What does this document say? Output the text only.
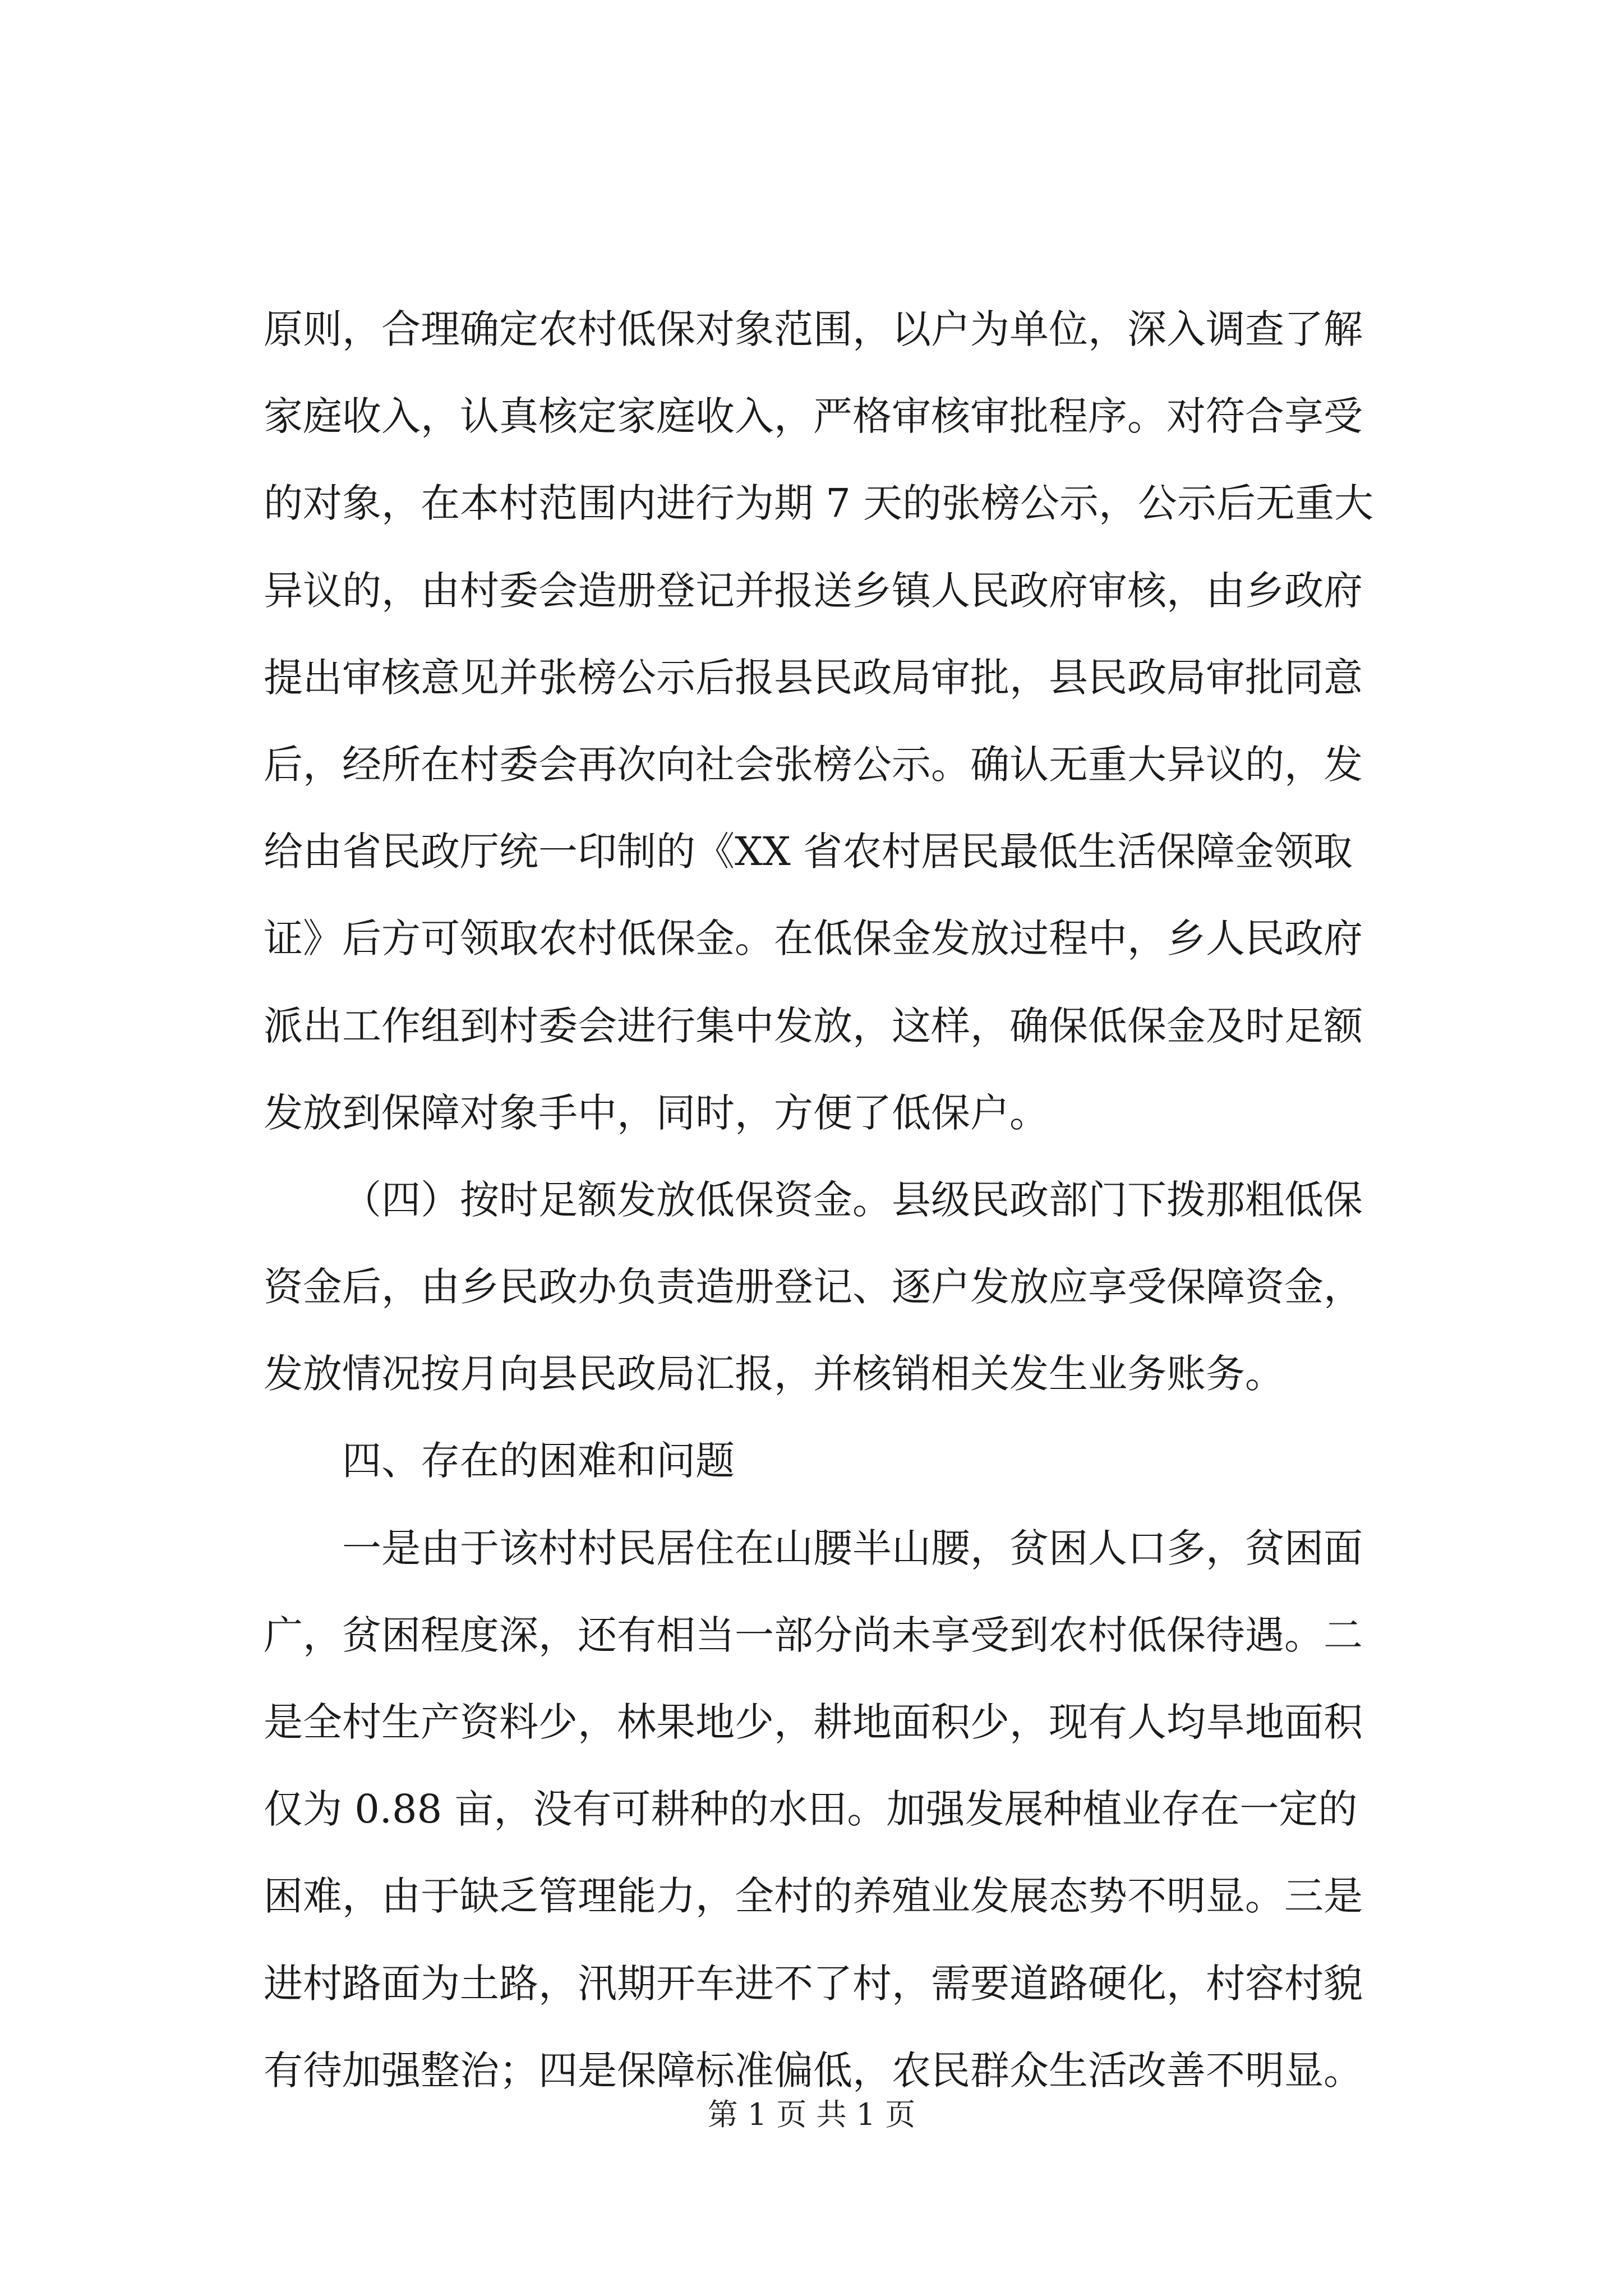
原则，合理确定农村低保对象范围，以户为单位，深入调查了解
家庭收入，认真核定家庭收入，严格审核审批程序。对符合享受
的对象，在本村范围内进行为期 7 天的张榜公示，公示后无重大
异议的，由村委会造册登记并报送乡镇人民政府审核，由乡政府
提出审核意见并张榜公示后报县民政局审批，县民政局审批同意
后，经所在村委会再次向社会张榜公示。确认无重大异议的，发
给由省民政厅统一印制的《XX 省农村居民最低生活保障金领取
证》后方可领取农村低保金。在低保金发放过程中，乡人民政府
派出工作组到村委会进行集中发放，这样，确保低保金及时足额
发放到保障对象手中，同时，方便了低保户。
（四）按时足额发放低保资金。县级民政部门下拨那粗低保
资金后，由乡民政办负责造册登记、逐户发放应享受保障资金，
发放情况按月向县民政局汇报，并核销相关发生业务账务。
四、存在的困难和问题
一是由于该村村民居住在山腰半山腰，贫困人口多，贫困面
广，贫困程度深，还有相当一部分尚未享受到农村低保待遇。二
是全村生产资料少，林果地少，耕地面积少，现有人均旱地面积
仅为 0.88 亩，没有可耕种的水田。加强发展种植业存在一定的
困难，由于缺乏管理能力，全村的养殖业发展态势不明显。三是
进村路面为土路，汛期开车进不了村，需要道路硬化，村容村貌
有待加强整治；四是保障标准偏低，农民群众生活改善不明显。
第 1 页 共 1 页
